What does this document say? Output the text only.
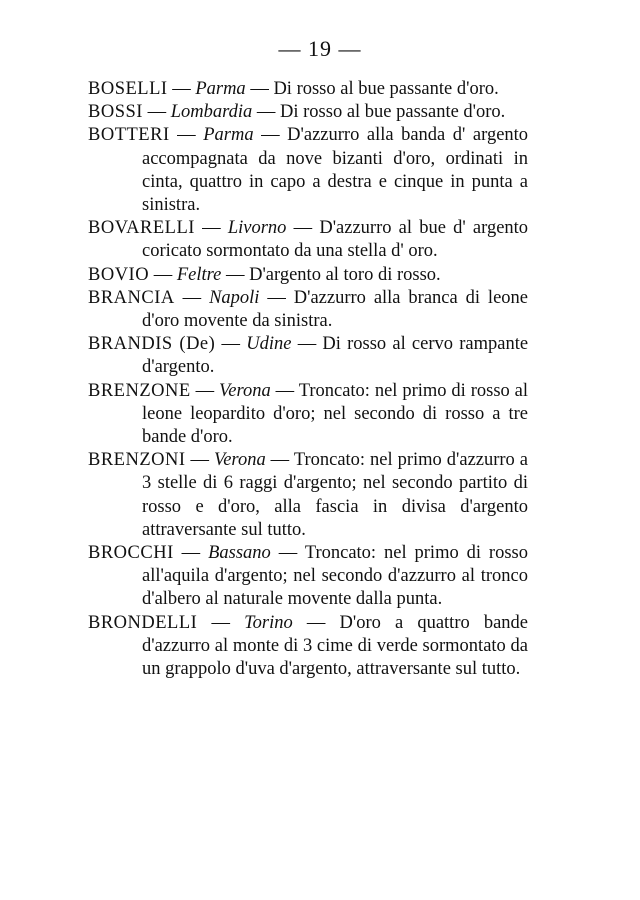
— 19 —

BOSELLI — Parma — Di rosso al bue passante d'oro.

BOSSI — Lombardia — Di rosso al bue passante d'oro.

BOTTERI — Parma — D'azzurro alla banda d' argento accompagnata da nove bizanti d'oro, ordinati in cinta, quattro in capo a destra e cinque in punta a sinistra.

BOVARELLI — Livorno — D'azzurro al bue d' argento coricato sormontato da una stella d' oro.

BOVIO — Feltre — D'argento al toro di rosso.

BRANCIA — Napoli — D'azzurro alla branca di leone d'oro movente da sinistra.

BRANDIS (De) — Udine — Di rosso al cervo rampante d'argento.

BRENZONE — Verona — Troncato: nel primo di rosso al leone leopardito d'oro; nel secondo di rosso a tre bande d'oro.

BRENZONI — Verona — Troncato: nel primo d'azzurro a 3 stelle di 6 raggi d'argento; nel secondo partito di rosso e d'oro, alla fascia in divisa d'argento attraversante sul tutto.

BROCCHI — Bassano — Troncato: nel primo di rosso all'aquila d'argento; nel secondo d'azzurro al tronco d'albero al naturale movente dalla punta.

BRONDELLI — Torino — D'oro a quattro bande d'azzurro al monte di 3 cime di verde sormontato da un grappolo d'uva d'argento, attraversante sul tutto.
